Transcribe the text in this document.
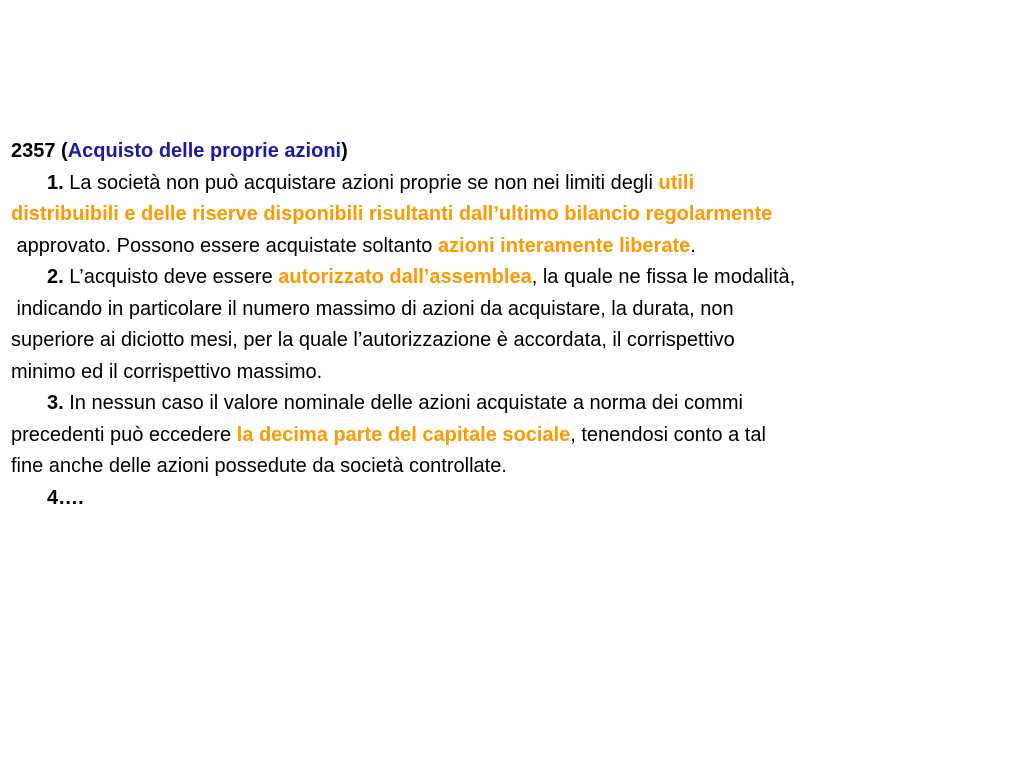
2357 (Acquisto delle proprie azioni)
1. La società non può acquistare azioni proprie se non nei limiti degli utili
distribuibili e delle riserve disponibili risultanti dall’ultimo bilancio regolarmente
approvato. Possono essere acquistate soltanto azioni interamente liberate.
2. L’acquisto deve essere autorizzato dall’assemblea, la quale ne fissa le modalità,
indicando in particolare il numero massimo di azioni da acquistare, la durata, non
superiore ai diciotto mesi, per la quale l’autorizzazione è accordata, il corrispettivo
minimo ed il corrispettivo massimo.
3. In nessun caso il valore nominale delle azioni acquistate a norma dei commi
precedenti può eccedere la decima parte del capitale sociale, tenendosi conto a tal
fine anche delle azioni possedute da società controllate.
4….
